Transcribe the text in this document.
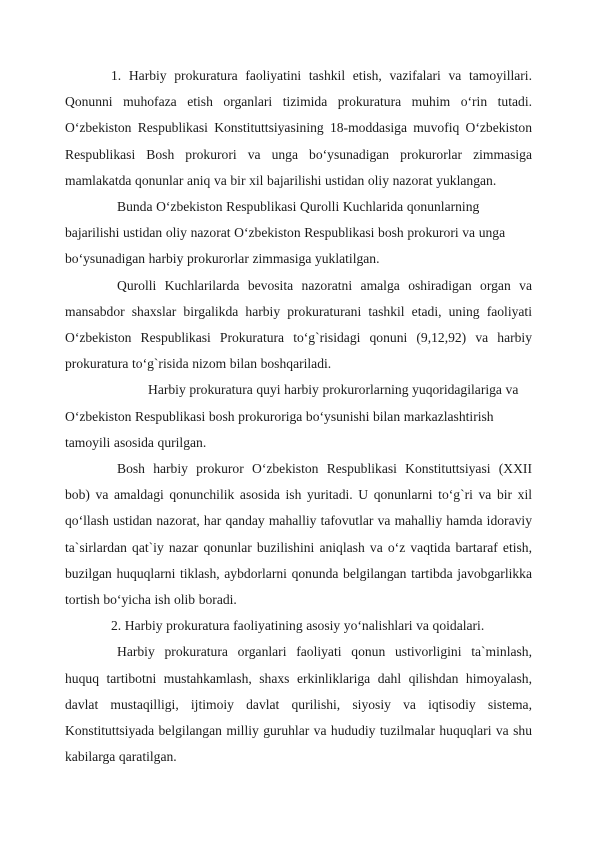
1. Harbiy prokuratura faoliyatini tashkil etish, vazifalari va tamoyillari. Qonunni muhofaza etish organlari tizimida prokuratura muhim o‘rin tutadi. O‘zbekiston Respublikasi Konstituttsiyasining 18-moddasiga muvofiq O‘zbekiston Respublikasi Bosh prokurori va unga bo‘ysunadigan prokurorlar zimmasiga mamlakatda qonunlar aniq va bir xil bajarilishi ustidan oliy nazorat yuklangan.

Bunda O‘zbekiston Respublikasi Qurolli Kuchlarida qonunlarning bajarilishi ustidan oliy nazorat O‘zbekiston Respublikasi bosh prokurori va unga bo‘ysunadigan harbiy prokurorlar zimmasiga yuklatilgan.

Qurolli Kuchlarilarda bevosita nazoratni amalga oshiradigan organ va mansabdor shaxslar birgalikda harbiy prokuraturani tashkil etadi, uning faoliyati O‘zbekiston Respublikasi Prokuratura to‘g`risidagi qonuni (9,12,92) va harbiy prokuratura to‘g`risida nizom bilan boshqariladi.

Harbiy prokuratura quyi harbiy prokurorlarning yuqoridagilariga va O‘zbekiston Respublikasi bosh prokuroriga bo‘ysunishi bilan markazlashtirish tamoyili asosida qurilgan.

Bosh harbiy prokuror O‘zbekiston Respublikasi Konstituttsiyasi (XXII bob) va amaldagi qonunchilik asosida ish yuritadi. U qonunlarni to‘g`ri va bir xil qo‘llash ustidan nazorat, har qanday mahalliy tafovutlar va mahalliy hamda idoraviy ta`sirlardan qat`iy nazar qonunlar buzilishini aniqlash va o‘z vaqtida bartaraf etish, buzilgan huquqlarni tiklash, aybdorlarni qonunda belgilangan tartibda javobgarlikka tortish bo‘yicha ish olib boradi.

2. Harbiy prokuratura faoliyatining asosiy yo‘nalishlari va qoidalari.

Harbiy prokuratura organlari faoliyati qonun ustivorligini ta`minlash, huquq tartibotni mustahkamlash, shaxs erkinliklariga dahl qilishdan himoyalash, davlat mustaqilligi, ijtimoiy davlat qurilishi, siyosiy va iqtisodiy sistema, Konstituttsiyada belgilangan milliy guruhlar va hududiy tuzilmalar huquqlari va shu kabilarga qaratilgan.
